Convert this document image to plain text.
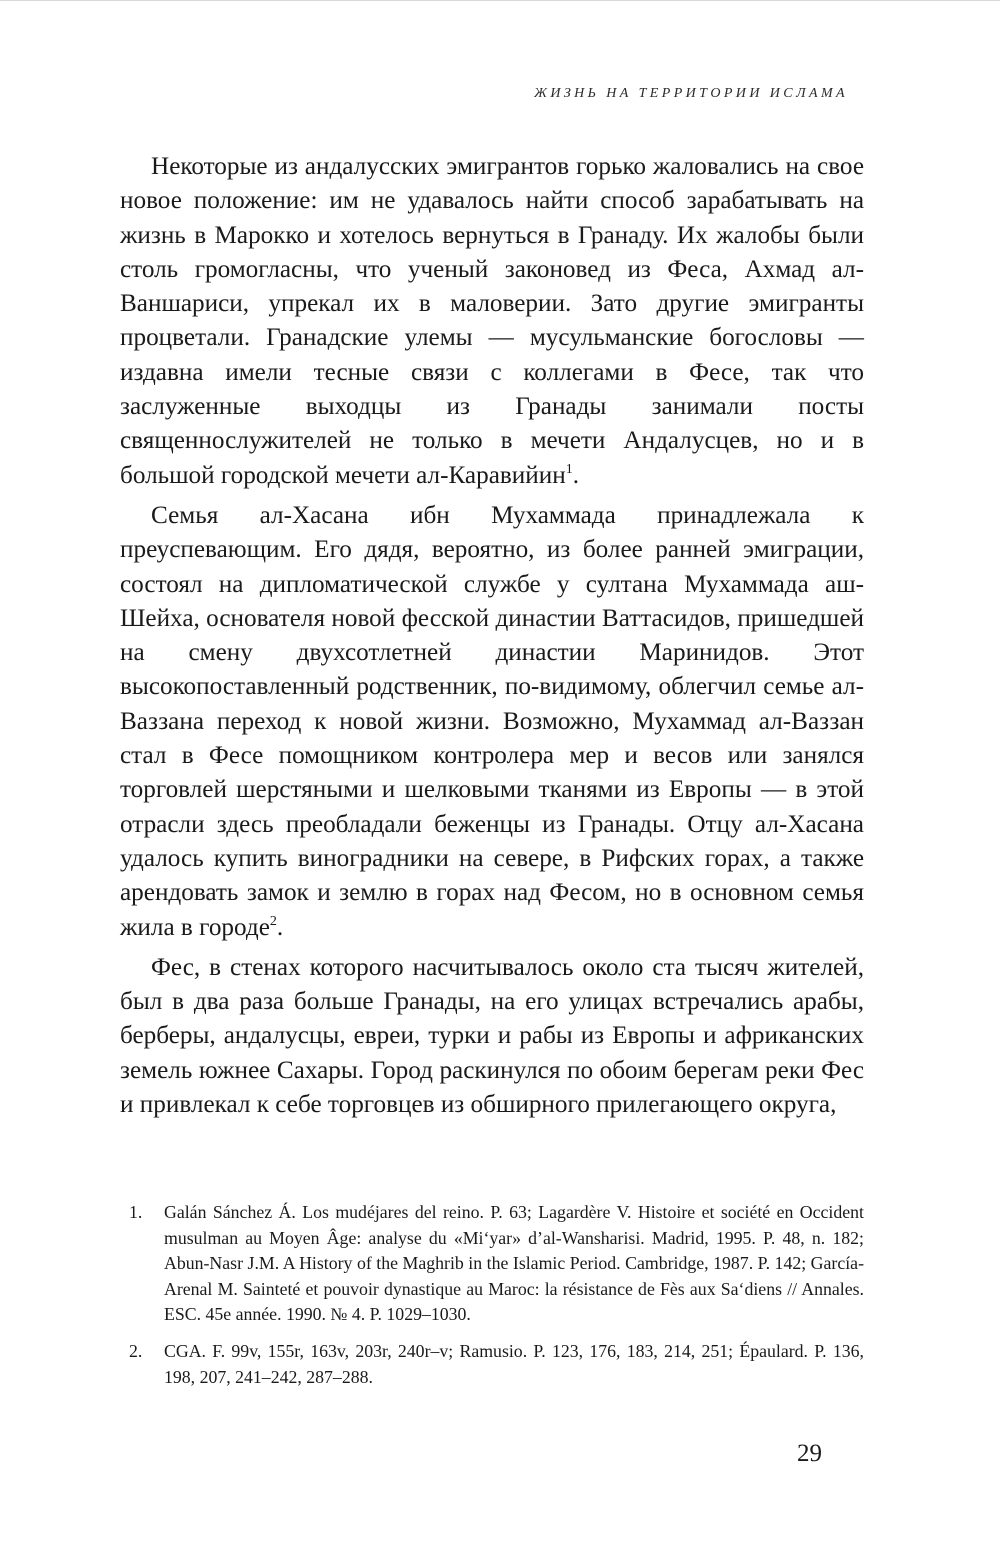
ЖИЗНЬ НА ТЕРРИТОРИИ ИСЛАМА

Некоторые из андалусских эмигрантов горько жаловались на свое новое положение: им не удавалось найти способ зарабатывать на жизнь в Марокко и хотелось вернуться в Гранаду. Их жалобы были столь громогласны, что ученый законовед из Феса, Ахмад ал-Ваншариси, упрекал их в маловерии. Зато другие эмигранты процветали. Гранадские улемы — мусульманские богословы — издавна имели тесные связи с коллегами в Фесе, так что заслуженные выходцы из Гранады занимали посты священнослужителей не только в мечети Андалусцев, но и в большой городской мечети ал-Каравийин$^1$.

Семья ал-Хасана ибн Мухаммада принадлежала к преуспевающим. Его дядя, вероятно, из более ранней эмиграции, состоял на дипломатической службе у султана Мухаммада аш-Шейха, основателя новой фесской династии Ваттасидов, пришедшей на смену двухсотлетней династии Маринидов. Этот высокопоставленный родственник, по-видимому, облегчил семье ал-Ваззана переход к новой жизни. Возможно, Мухаммад ал-Ваззан стал в Фесе помощником контролера мер и весов или занялся торговлей шерстяными и шелковыми тканями из Европы — в этой отрасли здесь преобладали беженцы из Гранады. Отцу ал-Хасана удалось купить виноградники на севере, в Рифских горах, а также арендовать замок и землю в горах над Фесом, но в основном семья жила в городе$^2$.

Фес, в стенах которого насчитывалось около ста тысяч жителей, был в два раза больше Гранады, на его улицах встречались арабы, берберы, андалусцы, евреи, турки и рабы из Европы и африканских земель южнее Сахары. Город раскинулся по обоим берегам реки Фес и привлекал к себе торговцев из обширного прилегающего округа,

1. Galán Sánchez Á. Los mudéjares del reino. P. 63; Lagardère V. Histoire et société en Occident musulman au Moyen Âge: analyse du «Mi‘yar» d’al-Wansharisi. Madrid, 1995. P. 48, n. 182; Abun-Nasr J.M. A History of the Maghrib in the Islamic Period. Cambridge, 1987. P. 142; García-Arenal M. Sainteté et pouvoir dynastique au Maroc: la résistance de Fès aux Sa‘diens // Annales. ESC. 45e année. 1990. № 4. P. 1029–1030.
2. CGA. F. 99v, 155r, 163v, 203r, 240r–v; Ramusio. P. 123, 176, 183, 214, 251; Épaulard. P. 136, 198, 207, 241–242, 287–288.
29
